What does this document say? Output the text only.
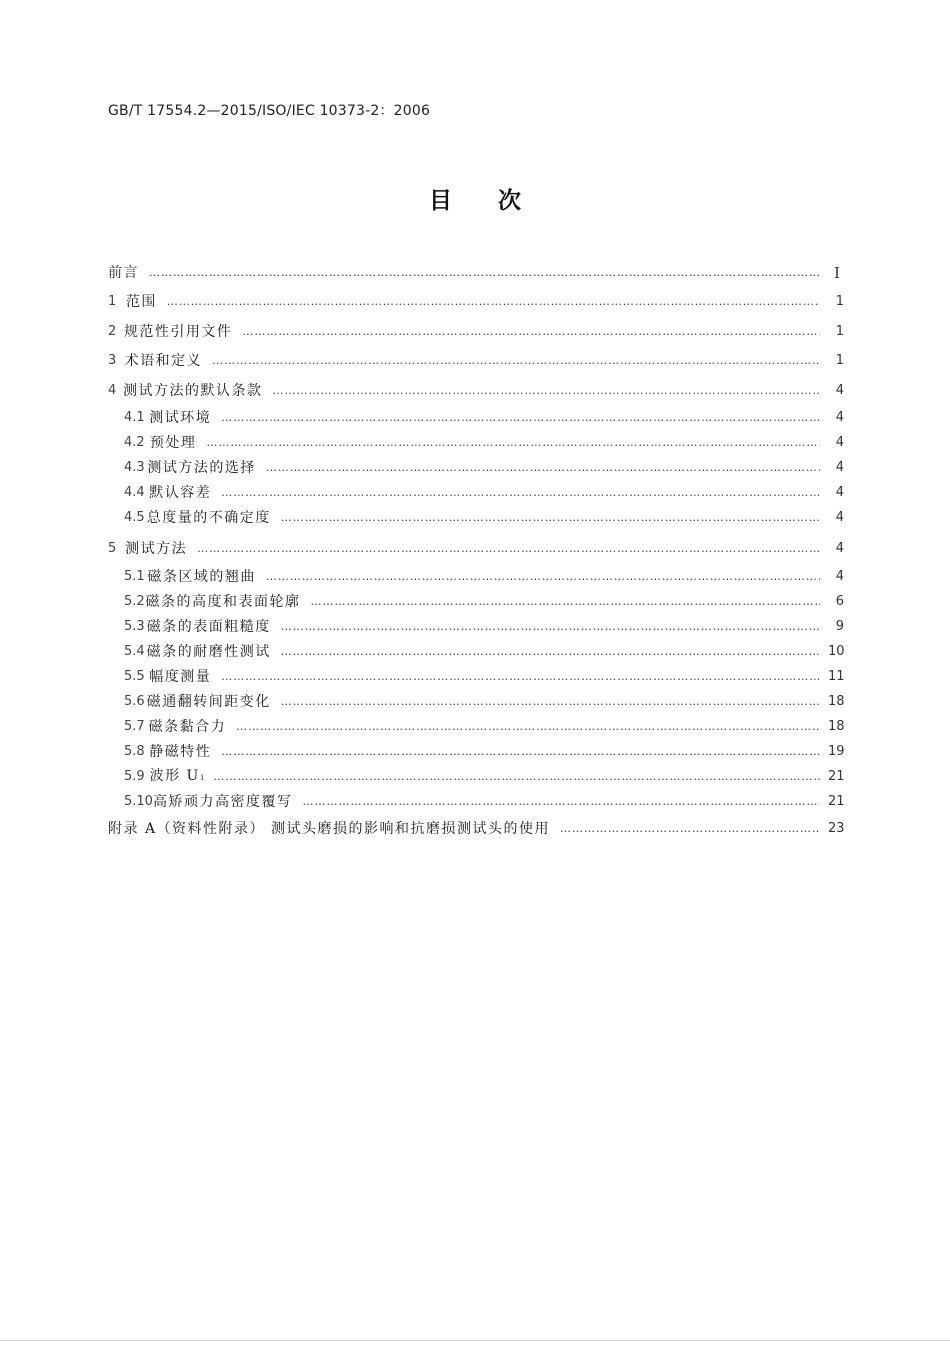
GB/T 17554.2—2015/ISO/IEC 10373-2：2006
目次
前言 …………………………………………………………………………………………………………………………………………………………………………………………………………………	I
1 范围 …………………………………………………………………………………………………………………………………………………………………………………………………………………	1
2 规范性引用文件 …………………………………………………………………………………………………………………………………………………………………………………………………………………	1
3 术语和定义 …………………………………………………………………………………………………………………………………………………………………………………………………………………	1
4 测试方法的默认条款 …………………………………………………………………………………………………………………………………………………………………………………………………………………	4
4.1 测试环境 …………………………………………………………………………………………………………………………………………………………………………………………………………………	4
4.2 预处理 …………………………………………………………………………………………………………………………………………………………………………………………………………………	4
4.3 测试方法的选择 …………………………………………………………………………………………………………………………………………………………………………………………………………………	4
4.4 默认容差 …………………………………………………………………………………………………………………………………………………………………………………………………………………	4
4.5 总度量的不确定度 …………………………………………………………………………………………………………………………………………………………………………………………………………………	4
5 测试方法 …………………………………………………………………………………………………………………………………………………………………………………………………………………	4
5.1 磁条区域的翘曲 …………………………………………………………………………………………………………………………………………………………………………………………………………………	4
5.2 磁条的高度和表面轮廓 …………………………………………………………………………………………………………………………………………………………………………………………………………………	6
5.3 磁条的表面粗糙度 …………………………………………………………………………………………………………………………………………………………………………………………………………………	9
5.4 磁条的耐磨性测试 …………………………………………………………………………………………………………………………………………………………………………………………………………………	10
5.5 幅度测量 …………………………………………………………………………………………………………………………………………………………………………………………………………………	11
5.6 磁通翻转间距变化 …………………………………………………………………………………………………………………………………………………………………………………………………………………	18
5.7 磁条黏合力 …………………………………………………………………………………………………………………………………………………………………………………………………………………	18
5.8 静磁特性 …………………………………………………………………………………………………………………………………………………………………………………………………………………	19
5.9 波形 U i …………………………………………………………………………………………………………………………………………………………………………………………………………………	21
5.10 高矫顽力高密度覆写 …………………………………………………………………………………………………………………………………………………………………………………………………………………	21
附录 A（资料性附录） 测试头磨损的影响和抗磨损测试头的使用 …………………………………………………………………………………………………………………………………………………………………………………………………………………	23
